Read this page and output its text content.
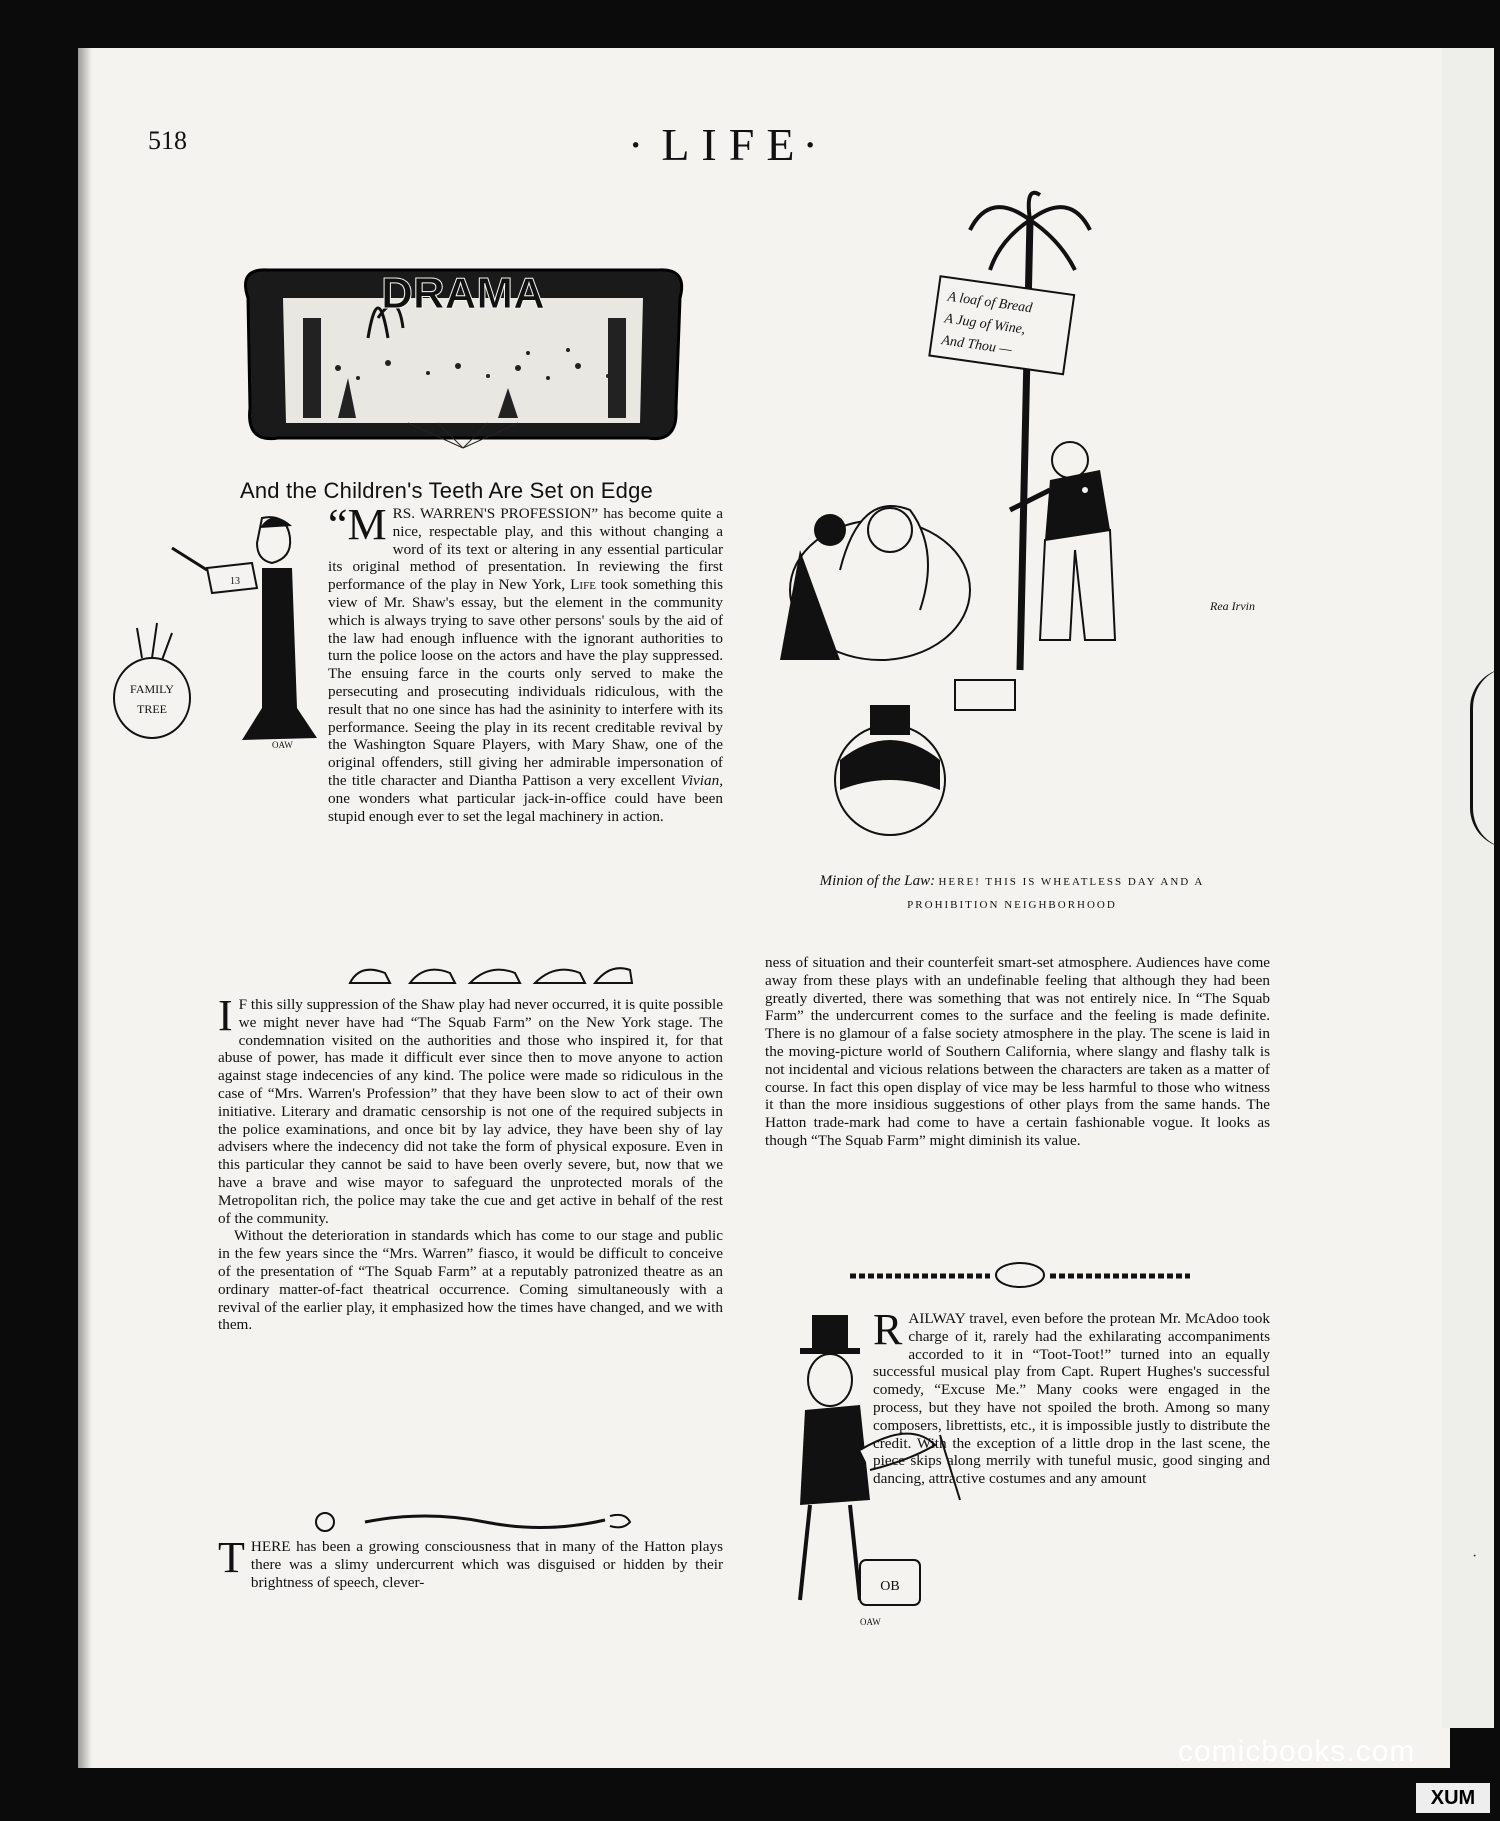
·
518
·	LIFE ·
DRAMA
And the Children's Teeth Are Set on Edge
13
FAMILY
TREE
OAW
A loaf of Bread
A Jug of Wine,
And Thou —
Rea Irvin
Minion of the Law: HERE! THIS IS WHEATLESS DAY AND A
PROHIBITION NEIGHBORHOOD

“MRS. WARREN'S PROFESSION” has become quite a nice, respectable play, and this without changing a word of its text or altering in any essential particular its original method of presentation. In reviewing the first performance of the play in New York, Life took something this view of Mr. Shaw's essay, but the element in the community which is always trying to save other persons' souls by the aid of the law had enough influence with the ignorant authorities to turn the police loose on the actors and have the play suppressed. The ensuing farce in the courts only served to make the persecuting and prosecuting individuals ridiculous, with the result that no one since has had the asininity to interfere with its performance. Seeing the play in its recent creditable revival by the Washington Square Players, with Mary Shaw, one of the original offenders, still giving her admirable impersonation of the title character and Diantha Pattison a very excellent Vivian, one wonders what particular jack-in-office could have been stupid enough ever to set the legal machinery in action.

I F this silly suppression of the Shaw play had never occurred, it is quite possible we might never have had “The Squab Farm” on the New York stage. The condemnation visited on the authorities and those who inspired it, for that abuse of power, has made it difficult ever since then to move anyone to action against stage indecencies of any kind. The police were made so ridiculous in the case of “Mrs. Warren's Profession” that they have been slow to act of their own initiative. Literary and dramatic censorship is not one of the required subjects in the police examinations, and once bit by lay advice, they have been shy of lay advisers where the indecency did not take the form of physical exposure. Even in this particular they cannot be said to have been overly severe, but, now that we have a brave and wise mayor to safeguard the unprotected morals of the Metropolitan rich, the police may take the cue and get active in behalf of the rest of the community.

Without the deterioration in standards which has come to our stage and public in the few years since the “Mrs. Warren” fiasco, it would be difficult to conceive of the presentation of “The Squab Farm” at a reputably patronized theatre as an ordinary matter-of-fact theatrical occurrence. Coming simultaneously with a revival of the earlier play, it emphasized how the times have changed, and we with them.

THERE has been a growing consciousness that in many of the Hatton plays there was a slimy undercurrent which was disguised or hidden by their brightness of speech, clever-

ness of situation and their counterfeit smart-set atmosphere. Audiences have come away from these plays with an undefinable feeling that although they had been greatly diverted, there was something that was not entirely nice. In “The Squab Farm” the undercurrent comes to the surface and the feeling is made definite. There is no glamour of a false society atmosphere in the play. The scene is laid in the moving-picture world of Southern California, where slangy and flashy talk is not incidental and vicious relations between the characters are taken as a matter of course. In fact this open display of vice may be less harmful to those who witness it than the more insidious suggestions of other plays from the same hands. The Hatton trade-mark had come to have a certain fashionable vogue. It looks as though “The Squab Farm” might diminish its value.

OB
OAW

RAILWAY travel, even before the protean Mr. McAdoo took charge of it, rarely had the exhilarating accompaniments accorded to it in “Toot-Toot!” turned into an equally successful musical play from Capt. Rupert Hughes's successful comedy, “Excuse Me.” Many cooks were engaged in the process, but they have not spoiled the broth. Among so many composers, librettists, etc., it is impossible justly to distribute the credit. With the exception of a little drop in the last scene, the piece skips along merrily with tuneful music, good singing and dancing, attractive costumes and any amount

comicbooks.com
XUM
